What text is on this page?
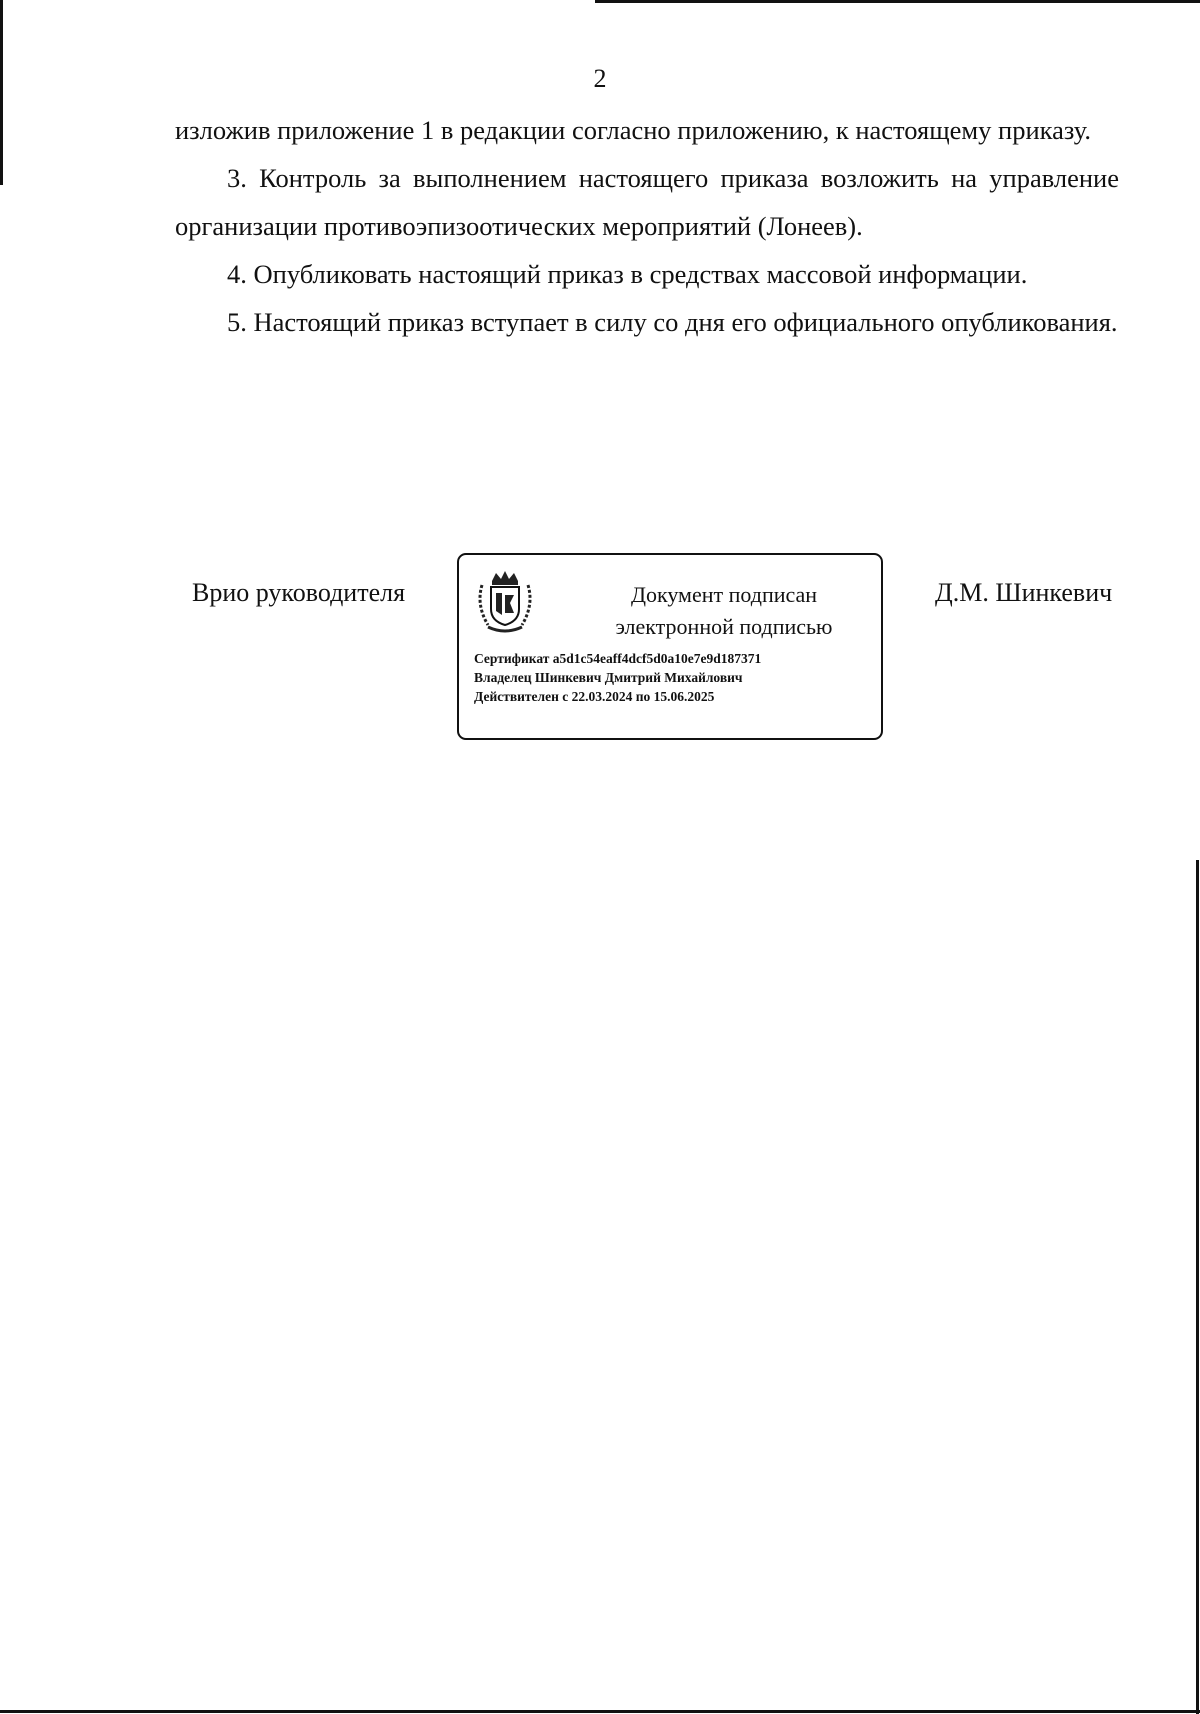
2

изложив приложение 1 в редакции согласно приложению, к настоящему приказу.

3. Контроль за выполнением настоящего приказа возложить на управление организации противоэпизоотических мероприятий (Лонеев).

4. Опубликовать настоящий приказ в средствах массовой информации.

5. Настоящий приказ вступает в силу со дня его официального опубликования.

Врио руководителя	Документ подписан
электронной подписью
Сертификат a5d1c54eaff4dcf5d0a10e7e9d187371
Владелец Шинкевич Дмитрий Михайлович
Действителен с 22.03.2024 по 15.06.2025
Д.М. Шинкевич
